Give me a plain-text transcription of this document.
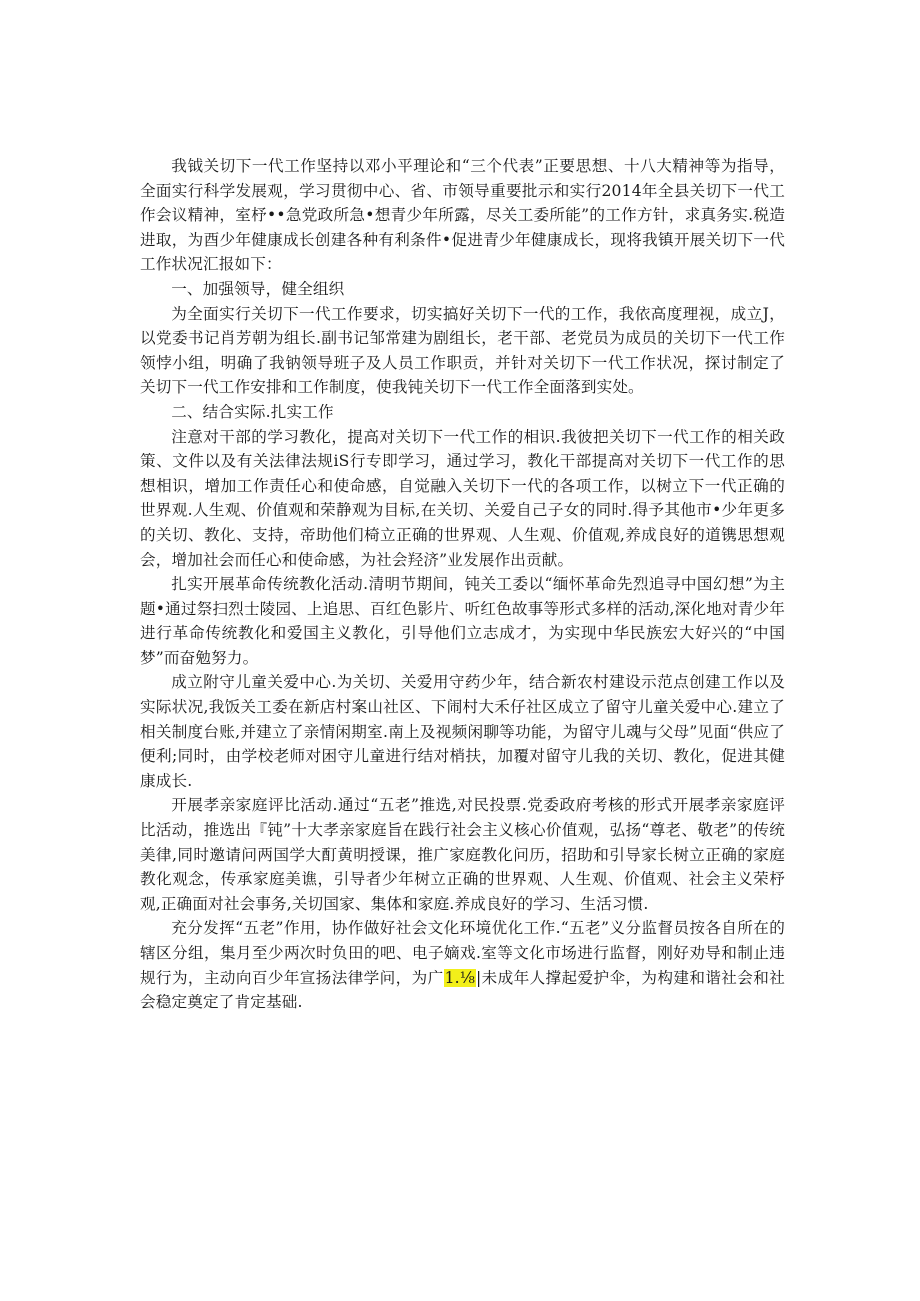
我钺关切下一代工作坚持以邓小平理论和“三个代表”正要思想、十八大精神等为指导，全面实行科学发展观，学习贯彻中心、省、市领导重要批示和实行2014年全县关切下一代工作会议精神，室杼••急党政所急•想青少年所露，尽关工委所能”的工作方针，求真务实.税造进取，为酉少年健康成长创建各种有利条件•促进青少年健康成长，现将我镇开展关切下一代工作状况汇报如下：

一、加强领导，健全组织

为全面实行关切下一代工作要求，切实搞好关切下一代的工作，我依高度理视，成立J，以党委书记肖芳朝为组长.副书记邹常建为剧组长，老干部、老党员为成员的关切下一代工作领悖小组，明确了我钠领导班子及人员工作职贡，并针对关切下一代工作状况，探讨制定了关切下一代工作安排和工作制度，使我钝关切下一代工作全面落到实处。

二、结合实际.扎实工作

注意对干部的学习教化，提高对关切下一代工作的相识.我彼把关切下一代工作的相关政策、文件以及有关法律法规iS行专即学习，通过学习，教化干部提高对关切下一代工作的思想相识，增加工作责任心和使命感，自觉融入关切下一代的各项工作，以树立下一代正确的世界观.人生观、价值观和荣静观为目标,在关切、关爱自己子女的同时.得予其他市•少年更多的关切、教化、支持，帝助他们椅立正确的世界观、人生观、价值观,养成良好的道镌思想观会，增加社会而任心和使命感，为社会羟济”业发展作出贡献。

扎实开展革命传统教化活动.清明节期间，钝关工委以“缅怀革命先烈追寻中国幻想”为主题•通过祭扫烈士陵园、上追思、百红色影片、听红色故事等形式多样的活动,深化地对青少年进行革命传统教化和爱国主义教化，引导他们立志成才，为实现中华民族宏大好兴的“中国梦”而奋勉努力。

成立附守儿童关爱中心.为关切、关爱用守药少年，结合新农村建设示范点创建工作以及实际状况,我饭关工委在新店村案山社区、下闹村大禾仔社区成立了留守儿童关爱中心.建立了相关制度台账,并建立了亲情闲期室.南上及视频闲聊等功能，为留守儿魂与父母”见面“供应了便利;同时，由学校老师对困守儿童进行结对梢扶，加覆对留守儿我的关切、教化，促进其健康成长.

开展孝亲家庭评比活动.通过“五老”推选,对民投票.党委政府考核的形式开展孝亲家庭评比活动，推选出『钝”十大孝亲家庭旨在践行社会主义核心价值观，弘扬“尊老、敬老”的传统美律,同时邀请问两国学大酊黄明授课，推广家庭教化问历，招助和引导家长树立正确的家庭教化观念，传承家庭美谯，引导者少年树立正确的世界观、人生观、价值观、社会主义荣杼观,正确面对社会事务,关切国家、集体和家庭.养成良好的学习、生活习惯.

充分发挥“五老”作用，协作做好社会文化环境优化工作.“五老”义分监督员按各自所在的辖区分组，集月至少两次时负田的吧、电子嫡戏.室等文化市场进行监督，刚好劝导和制止违规行为，主动向百少年宣扬法律学问，为广1.⅛|未成年人撑起爱护伞，为构建和谐社会和社会稳定奠定了肯定基础.
